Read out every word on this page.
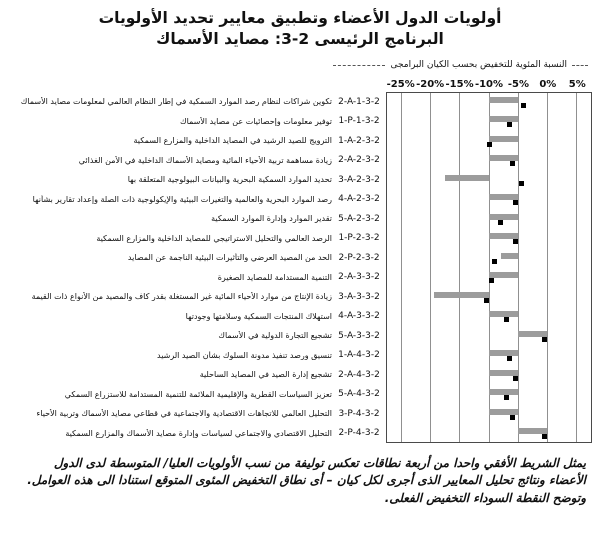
أولويات الدول الأعضاء وتطبيق معايير تحديد الأولويات
البرنامج الرئيسى 2-3: مصايد الأسماك
النسبة المئوية للتخفيض بحسب الكيان البرامجى
تكوين شراكات لنظام رصد الموارد السمكية في إطار النظام العالمي لمعلومات مصايد الأسماك 2-A-1-3-2
توفير معلومات وإحصائيات عن مصايد الأسماك 1-P-1-3-2
الترويج للصيد الرشيد في المصايد الداخلية والمزارع السمكية 1-A-2-3-2
زيادة مساهمة تربية الأحياء المائية ومصايد الأسماك الداخلية في الأمن الغذائي 2-A-2-3-2
تحديد الموارد السمكية البحرية والبيانات البيولوجية المتعلقة بها 3-A-2-3-2
رصد الموارد البحرية والعالمية والتغيرات البيئية والإيكولوجية ذات الصلة وإعداد تقارير بشأنها 4-A-2-3-2
تقدير الموارد وإدارة الموارد السمكية 5-A-2-3-2
الرصد العالمي والتحليل الاستراتيجي للمصايد الداخلية والمزارع السمكية 1-P-2-3-2
الحد من المصيد العرضي والتأثيرات البيئية الناجمة عن المصايد 2-P-2-3-2
التنمية المستدامة للمصايد الصغيرة 2-A-3-3-2
زيادة الإنتاج من موارد الأحياء المائية غير المستغلة بقدر كاف والمصيد من الأنواع ذات القيمة 3-A-3-3-2
استهلاك المنتجات السمكية وسلامتها وجودتها 4-A-3-3-2
تشجيع التجارة الدولية في الأسماك 5-A-3-3-2
تنسيق ورصد تنفيذ مدونة السلوك بشأن الصيد الرشيد 1-A-4-3-2
تشجيع إدارة الصيد في المصايد الساحلية 2-A-4-3-2
تعزيز السياسات القطرية والإقليمية الملائمة للتنمية المستدامة للاستزراع السمكي 5-A-4-3-2
التحليل العالمي للاتجاهات الاقتصادية والاجتماعية في قطاعي مصايد الأسماك وتربية الأحياء 3-P-4-3-2
التحليل الاقتصادي والاجتماعي لسياسات وإدارة مصايد الأسماك والمزارع السمكية 2-P-4-3-2
-25% -20% -15% -10% -5% 0% 5%
يمثل الشريط الأفقي واحدا من أربعة نطاقات تعكس توليفة من نسب الأولويات العليا/ المتوسطة لدى الدول الأعضاء ونتائج تحليل المعايير الذى أجرى لكل كيان – أى نطاق التخفيض المئوى المتوقع استنادا الى هذه العوامل. وتوضح النقطة السوداء التخفيض الفعلى.
